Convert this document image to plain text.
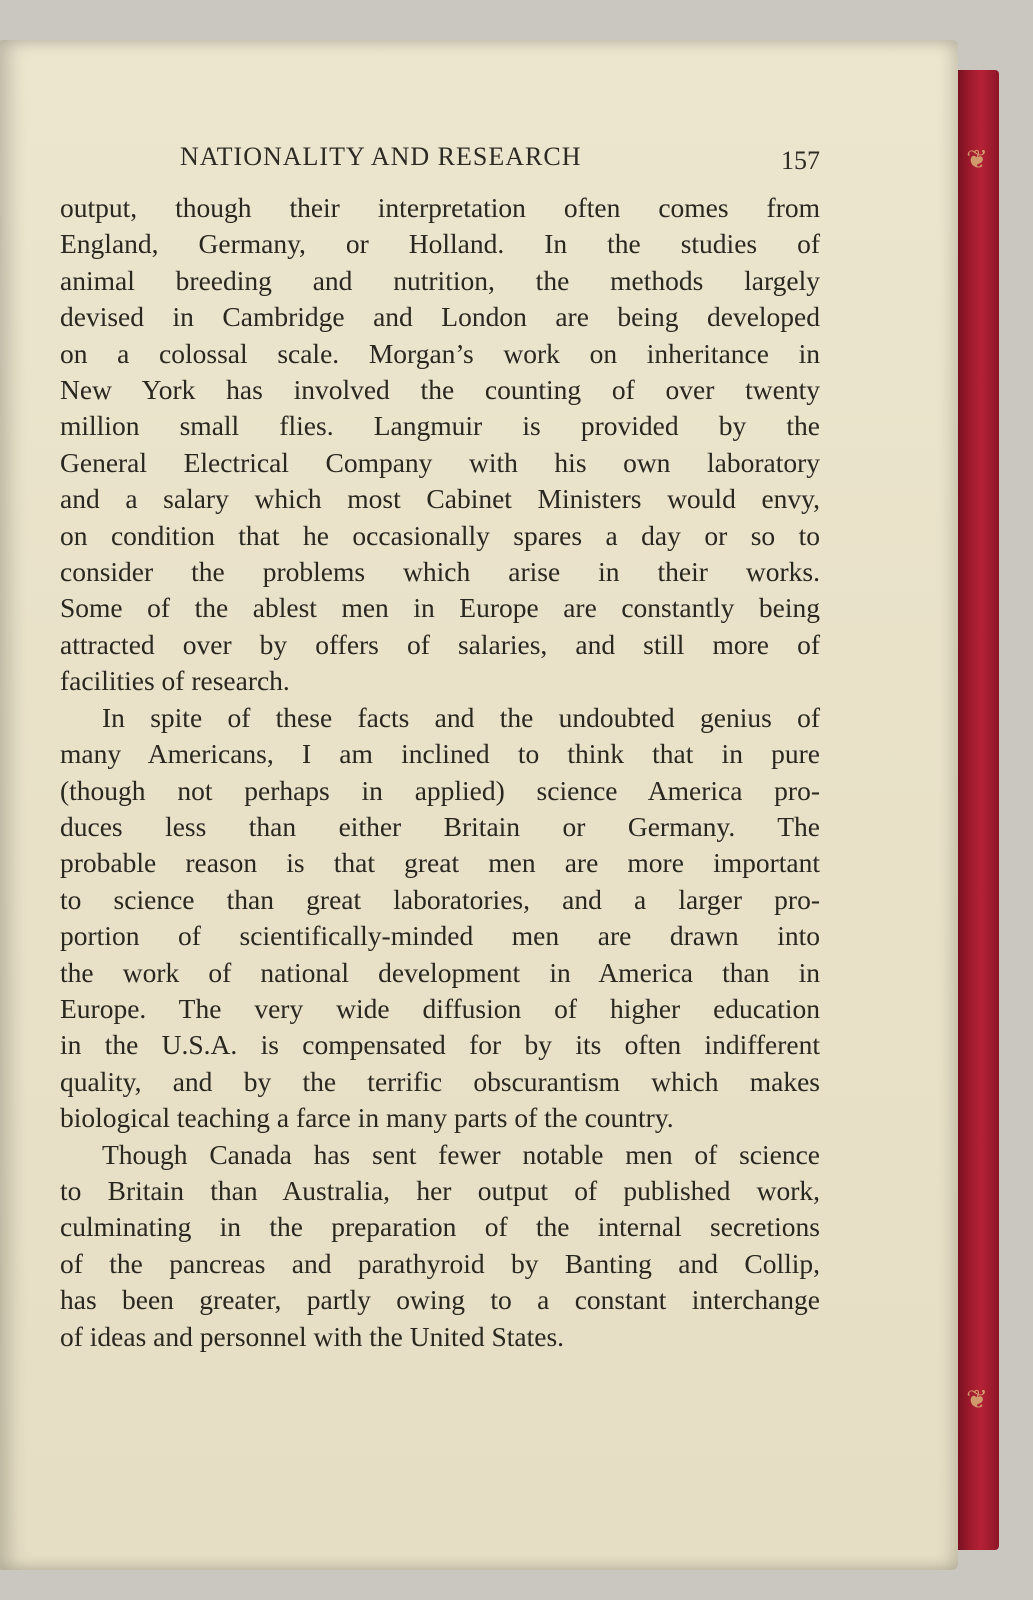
❦
❦
NATIONALITY AND RESEARCH	157
output, though their interpretation often comes from
England, Germany, or Holland. In the studies of
animal breeding and nutrition, the methods largely
devised in Cambridge and London are being developed
on a colossal scale. Morgan’s work on inheritance in
New York has involved the counting of over twenty
million small flies. Langmuir is provided by the
General Electrical Company with his own laboratory
and a salary which most Cabinet Ministers would envy,
on condition that he occasionally spares a day or so to
consider the problems which arise in their works.
Some of the ablest men in Europe are constantly being
attracted over by offers of salaries, and still more of
facilities of research.
In spite of these facts and the undoubted genius of
many Americans, I am inclined to think that in pure
(though not perhaps in applied) science America pro-
duces less than either Britain or Germany. The
probable reason is that great men are more important
to science than great laboratories, and a larger pro-
portion of scientifically-minded men are drawn into
the work of national development in America than in
Europe. The very wide diffusion of higher education
in the U.S.A. is compensated for by its often indifferent
quality, and by the terrific obscurantism which makes
biological teaching a farce in many parts of the country.
Though Canada has sent fewer notable men of science
to Britain than Australia, her output of published work,
culminating in the preparation of the internal secretions
of the pancreas and parathyroid by Banting and Collip,
has been greater, partly owing to a constant interchange
of ideas and personnel with the United States.
